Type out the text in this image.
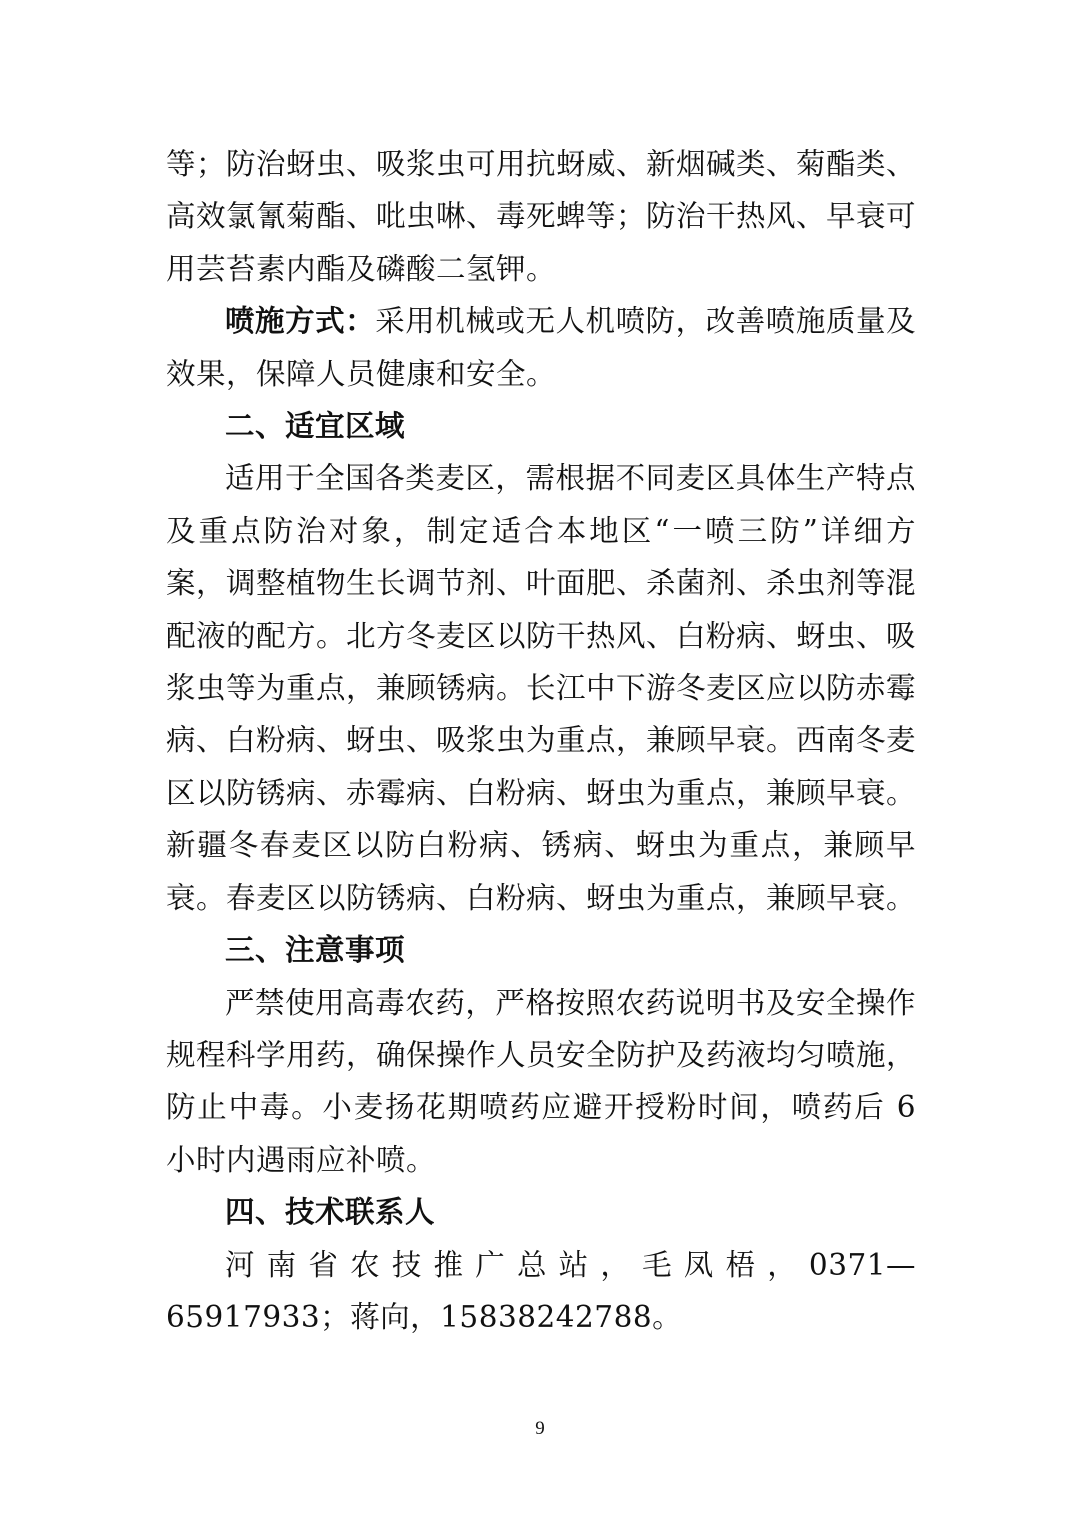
等；防治蚜虫、吸浆虫可用抗蚜威、新烟碱类、菊酯类、高效氯氰菊酯、吡虫啉、毒死蜱等；防治干热风、早衰可用芸苔素内酯及磷酸二氢钾。

喷施方式：采用机械或无人机喷防，改善喷施质量及效果，保障人员健康和安全。

二、适宜区域

适用于全国各类麦区，需根据不同麦区具体生产特点及重点防治对象，制定适合本地区“一喷三防”详细方案，调整植物生长调节剂、叶面肥、杀菌剂、杀虫剂等混配液的配方。北方冬麦区以防干热风、白粉病、蚜虫、吸浆虫等为重点，兼顾锈病。长江中下游冬麦区应以防赤霉病、白粉病、蚜虫、吸浆虫为重点，兼顾早衰。西南冬麦区以防锈病、赤霉病、白粉病、蚜虫为重点，兼顾早衰。新疆冬春麦区以防白粉病、锈病、蚜虫为重点，兼顾早衰。春麦区以防锈病、白粉病、蚜虫为重点，兼顾早衰。

三、注意事项

严禁使用高毒农药，严格按照农药说明书及安全操作规程科学用药，确保操作人员安全防护及药液均匀喷施，防止中毒。小麦扬花期喷药应避开授粉时间，喷药后 6 小时内遇雨应补喷。

四、技术联系人

河南省农技推广总站，毛凤梧，0371—65917933；蒋向，15838242788。

9
